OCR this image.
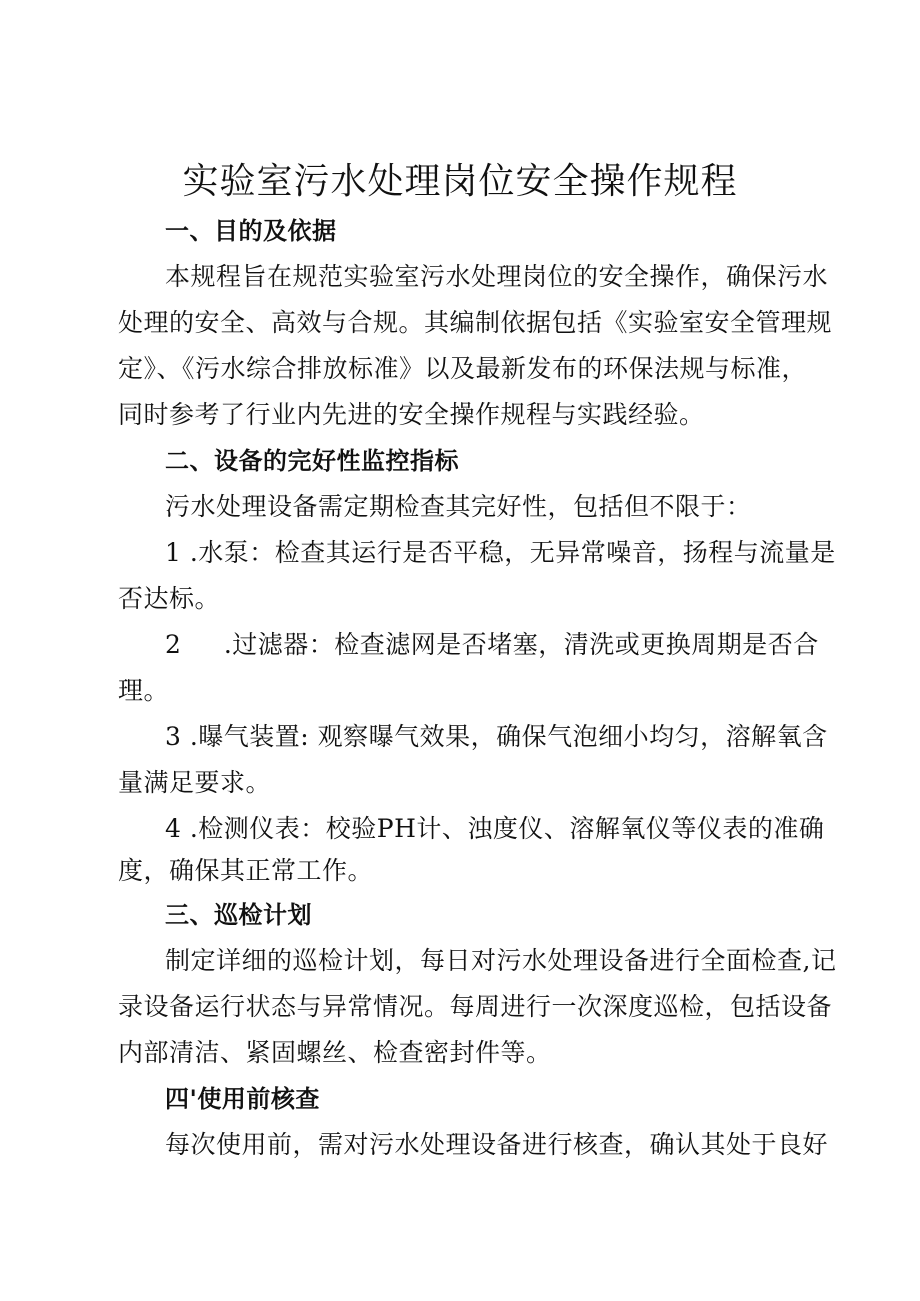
实验室污水处理岗位安全操作规程
一、目的及依据
本规程旨在规范实验室污水处理岗位的安全操作，确保污水
处理的安全、高效与合规。其编制依据包括《实验室安全管理规
定》、《污水综合排放标准》以及最新发布的环保法规与标准，
同时参考了行业内先进的安全操作规程与实践经验。
二、设备的完好性监控指标
污水处理设备需定期检查其完好性，包括但不限于：
1 .水泵：检查其运行是否平稳，无异常噪音，扬程与流量是
否达标。
2 .过滤器：检查滤网是否堵塞，清洗或更换周期是否合
理。
3 .曝气装置: 观察曝气效果，确保气泡细小均匀，溶解氧含
量满足要求。
4 .检测仪表：校验PH计、浊度仪、溶解氧仪等仪表的准确
度，确保其正常工作。
三、巡检计划
制定详细的巡检计划，每日对污水处理设备进行全面检查,记
录设备运行状态与异常情况。每周进行一次深度巡检，包括设备
内部清洁、紧固螺丝、检查密封件等。
四'使用前核查
每次使用前，需对污水处理设备进行核查，确认其处于良好
